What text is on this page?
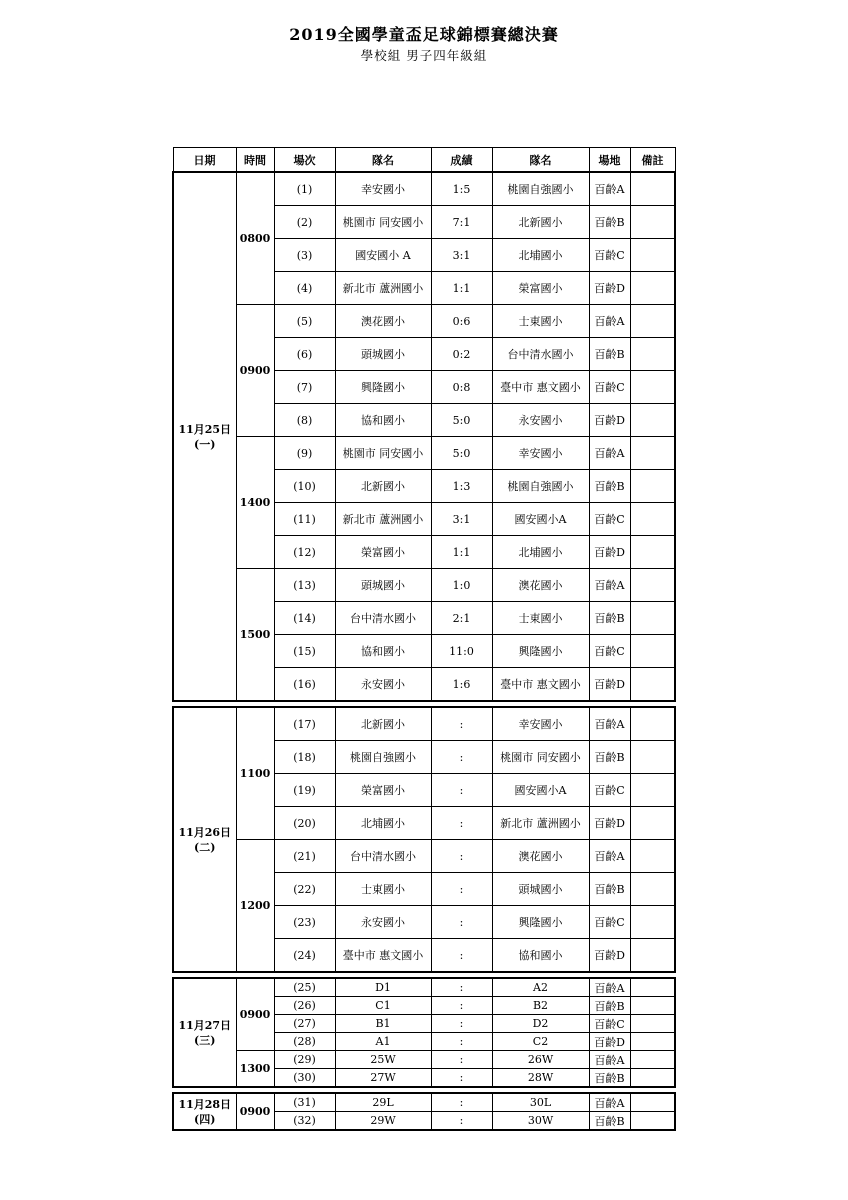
2019全國學童盃足球錦標賽總決賽
學校組 男子四年級組
日期	時間	場次	隊名	成績	隊名	場地	備註

11月25日
(一)	0800	(1)	幸安國小	1:5	桃園自強國小	百齡A	
		(2)	桃園市 同安國小	7:1	北新國小	百齡B	
		(3)	國安國小 A	3:1	北埔國小	百齡C	
		(4)	新北市 蘆洲國小	1:1	榮富國小	百齡D	
	0900	(5)	澳花國小	0:6	士東國小	百齡A	
		(6)	頭城國小	0:2	台中清水國小	百齡B	
		(7)	興隆國小	0:8	臺中市 惠文國小	百齡C	
		(8)	協和國小	5:0	永安國小	百齡D	
	1400	(9)	桃園市 同安國小	5:0	幸安國小	百齡A	
		(10)	北新國小	1:3	桃園自強國小	百齡B	
		(11)	新北市 蘆洲國小	3:1	國安國小A	百齡C	
		(12)	榮富國小	1:1	北埔國小	百齡D	
	1500	(13)	頭城國小	1:0	澳花國小	百齡A	
		(14)	台中清水國小	2:1	士東國小	百齡B	
		(15)	協和國小	11:0	興隆國小	百齡C	
		(16)	永安國小	1:6	臺中市 惠文國小	百齡D	

11月26日
(二)	1100	(17)	北新國小	:	幸安國小	百齡A	
		(18)	桃園自強國小	:	桃園市 同安國小	百齡B	
		(19)	榮富國小	:	國安國小A	百齡C	
		(20)	北埔國小	:	新北市 蘆洲國小	百齡D	
	1200	(21)	台中清水國小	:	澳花國小	百齡A	
		(22)	士東國小	:	頭城國小	百齡B	
		(23)	永安國小	:	興隆國小	百齡C	
		(24)	臺中市 惠文國小	:	協和國小	百齡D	

11月27日
(三)	0900	(25)	D1	:	A2	百齡A	
		(26)	C1	:	B2	百齡B	
		(27)	B1	:	D2	百齡C	
		(28)	A1	:	C2	百齡D	
	1300	(29)	25W	:	26W	百齡A	
		(30)	27W	:	28W	百齡B	

11月28日
(四)	0900	(31)	29L	:	30L	百齡A	
		(32)	29W	:	30W	百齡B	
